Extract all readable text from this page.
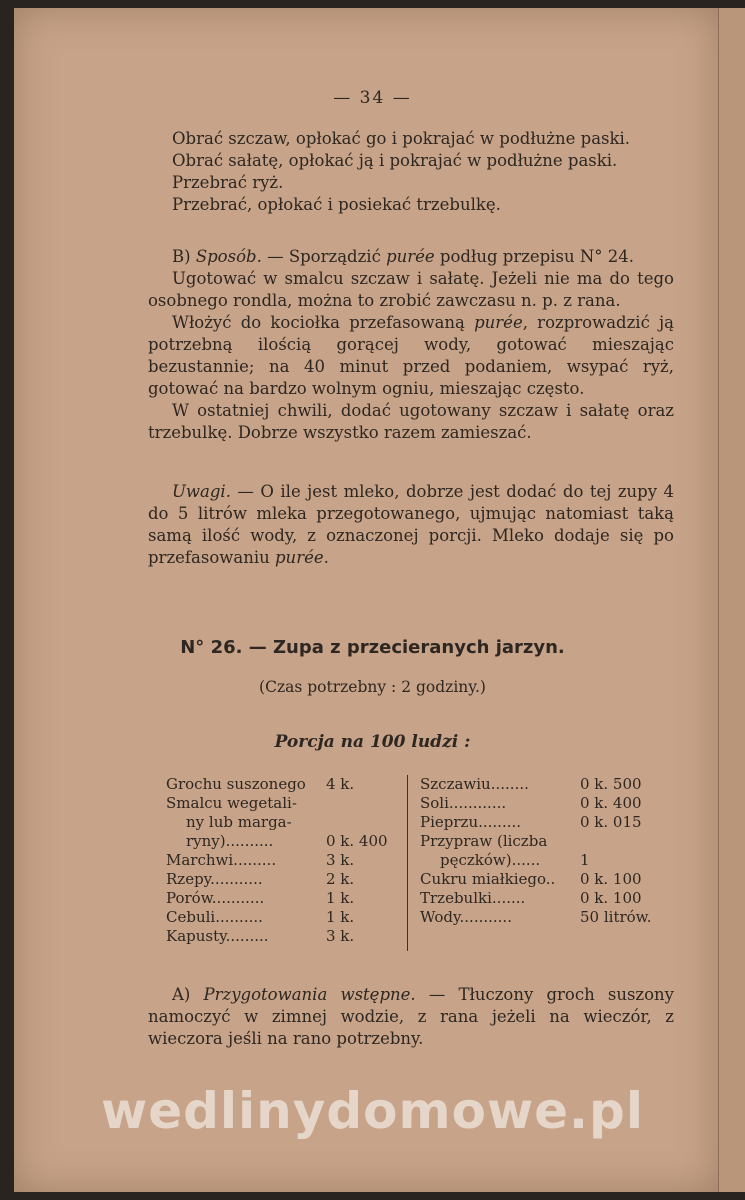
— 34 —

Obrać szczaw, opłokać go i pokrajać w podłużne paski.

Obrać sałatę, opłokać ją i pokrajać w podłużne paski.

Przebrać ryż.

Przebrać, opłokać i posiekać trzebulkę.

B) Sposób. — Sporządzić purée podług przepisu N° 24.

Ugotować w smalcu szczaw i sałatę. Jeżeli nie ma do tego osobnego rondla, można to zrobić zawczasu n. p. z rana.

Włożyć do kociołka przefasowaną purée, rozprowadzić ją potrzebną ilością gorącej wody, gotować mieszając bezustannie; na 40 minut przed podaniem, wsypać ryż, gotować na bardzo wolnym ogniu, mieszając często.

W ostatniej chwili, dodać ugotowany szczaw i sałatę oraz trzebulkę. Dobrze wszystko razem zamieszać.

Uwagi. — O ile jest mleko, dobrze jest dodać do tej zupy 4 do 5 litrów mleka przegotowanego, ujmując natomiast taką samą ilość wody, z oznaczonej porcji. Mleko dodaje się po przefasowaniu purée.

N° 26. — Zupa z przecieranych jarzyn.
(Czas potrzebny : 2 godziny.)
Porcja na 100 ludzi :
Grochu suszonego	4 k.
Smalcu wegetali-
ny lub marga-
ryny)..........	0 k. 400
Marchwi.........	3 k.
Rzepy...........	2 k.
Porów...........	1 k.
Cebuli..........	1 k.
Kapusty.........	3 k.
Szczawiu........	0 k. 500
Soli............	0 k. 400
Pieprzu.........	0 k. 015
Przypraw (liczba
pęczków)......	1
Cukru miałkiego..	0 k. 100
Trzebulki.......	0 k. 100
Wody...........	50 litrów.

A) Przygotowania wstępne. — Tłuczony groch suszony namoczyć w zimnej wodzie, z rana jeżeli na wieczór, z wieczora jeśli na rano potrzebny.

wedlinydomowe.pl
